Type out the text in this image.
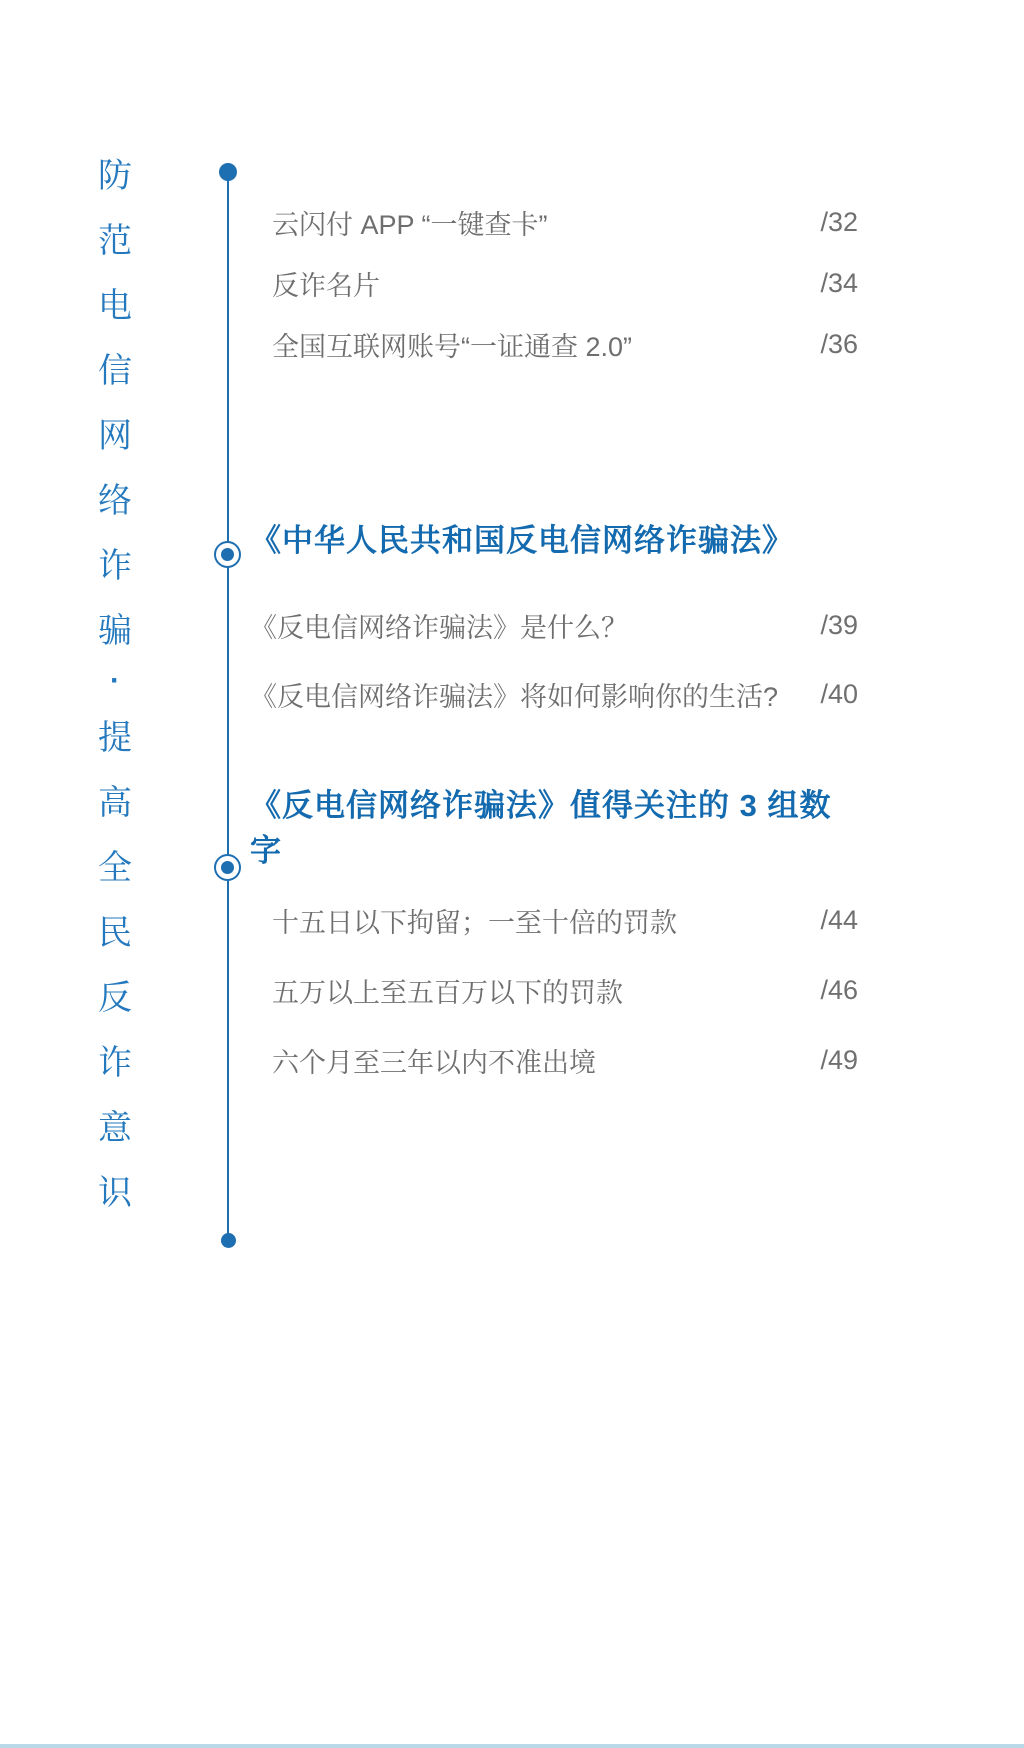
防
范
电
信
网
络
诈
骗
·
提
高
全
民
反
诈
意
识
云闪付 APP “一键查卡”	/32
反诈名片	/34
全国互联网账号“一证通查 2.0”	/36
《中华人民共和国反电信网络诈骗法》
《反电信网络诈骗法》是什么？	/39
《反电信网络诈骗法》将如何影响你的生活? /40
《反电信网络诈骗法》值得关注的 3 组数字
十五日以下拘留；一至十倍的罚款	/44
五万以上至五百万以下的罚款	/46
六个月至三年以内不准出境	/49
